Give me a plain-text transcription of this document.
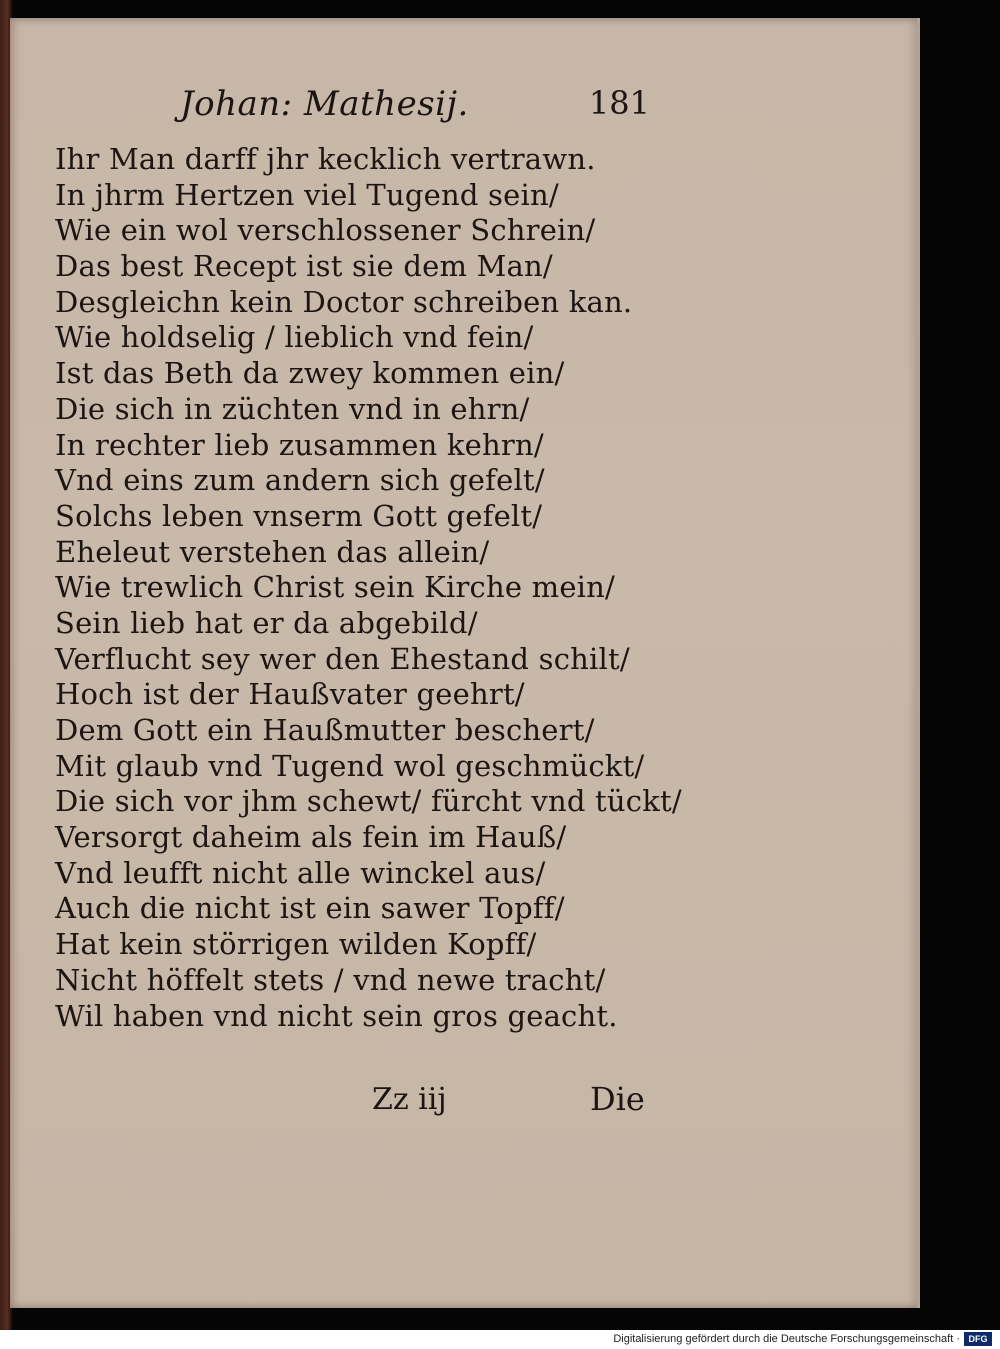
Johan: Mathesij.	181
Ihr Man darff jhr kecklich vertrawn.
In jhrm Hertzen viel Tugend sein/
Wie ein wol verschlossener Schrein/
Das best Recept ist sie dem Man/
Desgleichn kein Doctor schreiben kan.
Wie holdselig / lieblich vnd fein/
Ist das Beth da zwey kommen ein/
Die sich in züchten vnd in ehrn/
In rechter lieb zusammen kehrn/
Vnd eins zum andern sich gefelt/
Solchs leben vnserm Gott gefelt/
Eheleut verstehen das allein/
Wie trewlich Christ sein Kirche mein/
Sein lieb hat er da abgebild/
Verflucht sey wer den Ehestand schilt/
Hoch ist der Haußvater geehrt/
Dem Gott ein Haußmutter beschert/
Mit glaub vnd Tugend wol geschmückt/
Die sich vor jhm schewt/ fürcht vnd tückt/
Versorgt daheim als fein im Hauß/
Vnd leufft nicht alle winckel aus/
Auch die nicht ist ein sawer Topff/
Hat kein störrigen wilden Kopff/
Nicht höffelt stets / vnd newe tracht/
Wil haben vnd nicht sein gros geacht.
Zz iij	Die
Digitalisierung gefördert durch die Deutsche Forschungsgemeinschaft · DFG
